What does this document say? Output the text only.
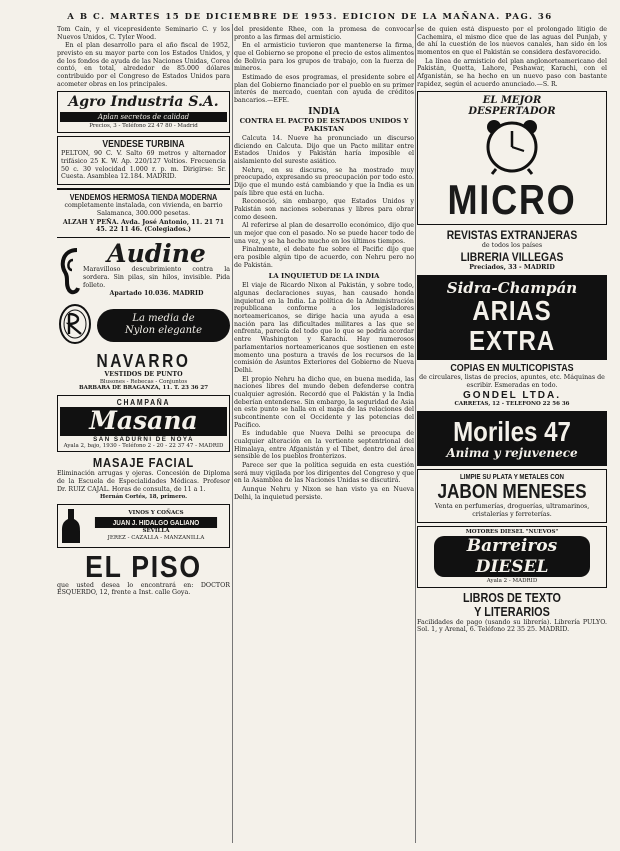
A B C. MARTES 15 DE DICIEMBRE DE 1953. EDICION DE LA MAÑANA. PAG. 36

Tom Cain, y el vicepresidente Seminario C. y los Nuevos Unidos, C. Tyler Wood.

En el plan desarrollo para el año fiscal de 1952, previsto en su mayor parte con los Estados Unidos, y de los fondos de ayuda de las Naciones Unidas, Corea contó, en total, alrededor de 85.000 dólares contribuido por el Congreso de Estados Unidos para acometer obras en los principales.

Agro Industria S.A.
Aplan secretos de calidad
Precios, 3 - Teléfono 22 47 80 - Madrid
VENDESE TURBINA

PELTON, 90 C. V. Salto 69 metros y alternador trifásico 25 K. W. Ap. 220/127 Voltios. Frecuencia 50 c. 30 velocidad 1.000 r. p. m. Dirigirse: Sr. Cuesta. Asamblea 12.184. MADRID.

VENDEMOS HERMOSA TIENDA MODERNA

completamente instalada, con vivienda, en barrio Salamanca, 300.000 pesetas.

ALZAH Y PEÑA. Avda. José Antonio, 11. 21 71 45. 22 11 46. (Colegiados.)

Audine

Maravilloso descubrimiento contra la sordera. Sin pilas, sin hilos, invisible. Pida folleto.

Apartado 10.036. MADRID
La media de
Nylon elegante
NAVARRO
VESTIDOS DE PUNTO
Blusones - Rebecas - Conjuntos
BARBARA DE BRAGANZA, 11. T. 23 36 27
CHAMPAÑA
Masana
SAN SADURNI DE NOYA
Ayala 2, bajo, 1930 - Teléfono 2 - 20 - 22 37 47 - MADRID
MASAJE FACIAL

Eliminación arrugas y ojeras. Concesión de Diploma de la Escuela de Especialidades Médicas. Profesor Dr. RUIZ CAJAL. Horas de consulta, de 11 a 1.

Hernán Cortés, 18, primero.
VINOS Y COÑACS
JUAN J. HIDALGO GALIANO
SEVILLA
JEREZ - CAZALLA - MANZANILLA
EL PISO

que usted desea lo encontrará en: DOCTOR ESQUERDO, 12, frente a Inst. calle Goya.

del presidente Rhee, con la promesa de convocar pronto a las firmas del armisticio.

En el armisticio tuvieron que mantenerse la firma, que el Gobierno se propone el precio de estos alimentos de Bolivia para los grupos de trabajo, con la fuerza de mineros.

Estimado de esos programas, el presidente sobre el plan del Gobierno financiado por el pueblo en su primer interés de mercado, cuentan con ayuda de créditos bancarios.—EFE.

INDIA
CONTRA EL PACTO DE ESTADOS UNIDOS Y PAKISTAN

Calcuta 14. Nueve ha pronunciado un discurso diciendo en Calcuta. Dijo que un Pacto militar entre Estados Unidos y Pakistán haría imposible el aislamiento del sureste asiático.

Nehru, en su discurso, se ha mostrado muy preocupado, expresando su preocupación por todo esto. Dijo que el mundo está cambiando y que la India es un país libre que está en lucha.

Reconoció, sin embargo, que Estados Unidos y Pakistán son naciones soberanas y libres para obrar como deseen.

Al referirse al plan de desarrollo económico, dijo que un mejor que con el pasado. No se puede hacer todo de una vez, y se ha hecho mucho en los últimos tiempos.

Finalmente, el debate fue sobre el Pacific dijo que era posible algún tipo de acuerdo, con Nehru pero no de Pakistán.

LA INQUIETUD DE LA INDIA

El viaje de Ricardo Nixon al Pakistán, y sobre todo, algunas declaraciones suyas, han causado honda inquietud en la India. La política de la Administración republicana conforme a los legisladores norteamericanos, se dirige hacia una ayuda a esa nación para las dificultades militares a las que se enfrenta, parecía del todo que lo que se podría acordar entre Washington y Karachi. Hay numerosos parlamentarios norteamericanos que sostienen en este momento una postura a través de los recursos de la comisión de Asuntos Exteriores del Gobierno de Nueva Delhi.

El propio Nehru ha dicho que, en buena medida, las naciones libres del mundo deben defenderse contra cualquier agresión. Recordó que el Pakistán y la India deberían entenderse. Sin embargo, la seguridad de Asia en este punto se halla en el mapa de las relaciones del subcontinente con el Occidente y las potencias del Pacífico.

Es indudable que Nueva Delhi se preocupa de cualquier alteración en la vertiente septentrional del Himalaya, entre Afganistán y el Tíbet, dentro del área sensible de los pueblos fronterizos.

Parece ser que la política seguida en esta cuestión será muy vigilada por los dirigentes del Congreso y que en la Asamblea de las Naciones Unidas se discutirá.

Aunque Nehru y Nixon se han visto ya en Nueva Delhi, la inquietud persiste.

se de quien está dispuesto por el prolongado litigio de Cachemira, el mismo dice que de las aguas del Punjab, y de ahí la cuestión de los nuevos canales, han sido en los momentos en que el Pakistán se considera desfavorecido.

La línea de armisticio del plan anglonorteamericano del Pakistán, Quetta, Lahore, Peshawar, Karachi, con el Afganistán, se ha hecho en un nuevo paso con bastante rapidez, según el acuerdo anunciado.—S. R.

EL MEJOR
DESPERTADOR
MICRO
REVISTAS EXTRANJERAS
de todos los países
LIBRERIA VILLEGAS
Preciados, 33 - MADRID
Sidra-Champán
ARIAS EXTRA
COPIAS EN MULTICOPISTAS

de circulares, listas de precios, apuntes, etc. Máquinas de escribir. Esmeradas en todo.

GONDEL LTDA.
CARRETAS, 12 - TELEFONO 22 56 36
Moriles 47
Anima y rejuvenece
LIMPIE SU PLATA Y METALES CON
JABON MENESES

Venta en perfumerías, droguerías, ultramarinos, cristalerías y ferreterías.

MOTORES DIESEL "NUEVOS"
Barreiros DIESEL
Ayala 2 - MADRID
LIBROS DE TEXTO
Y LITERARIOS

Facilidades de pago (usando su librería). Librería PULYO. Sol. 1, y Arenal, 6. Teléfono 22 35 25. MADRID.
